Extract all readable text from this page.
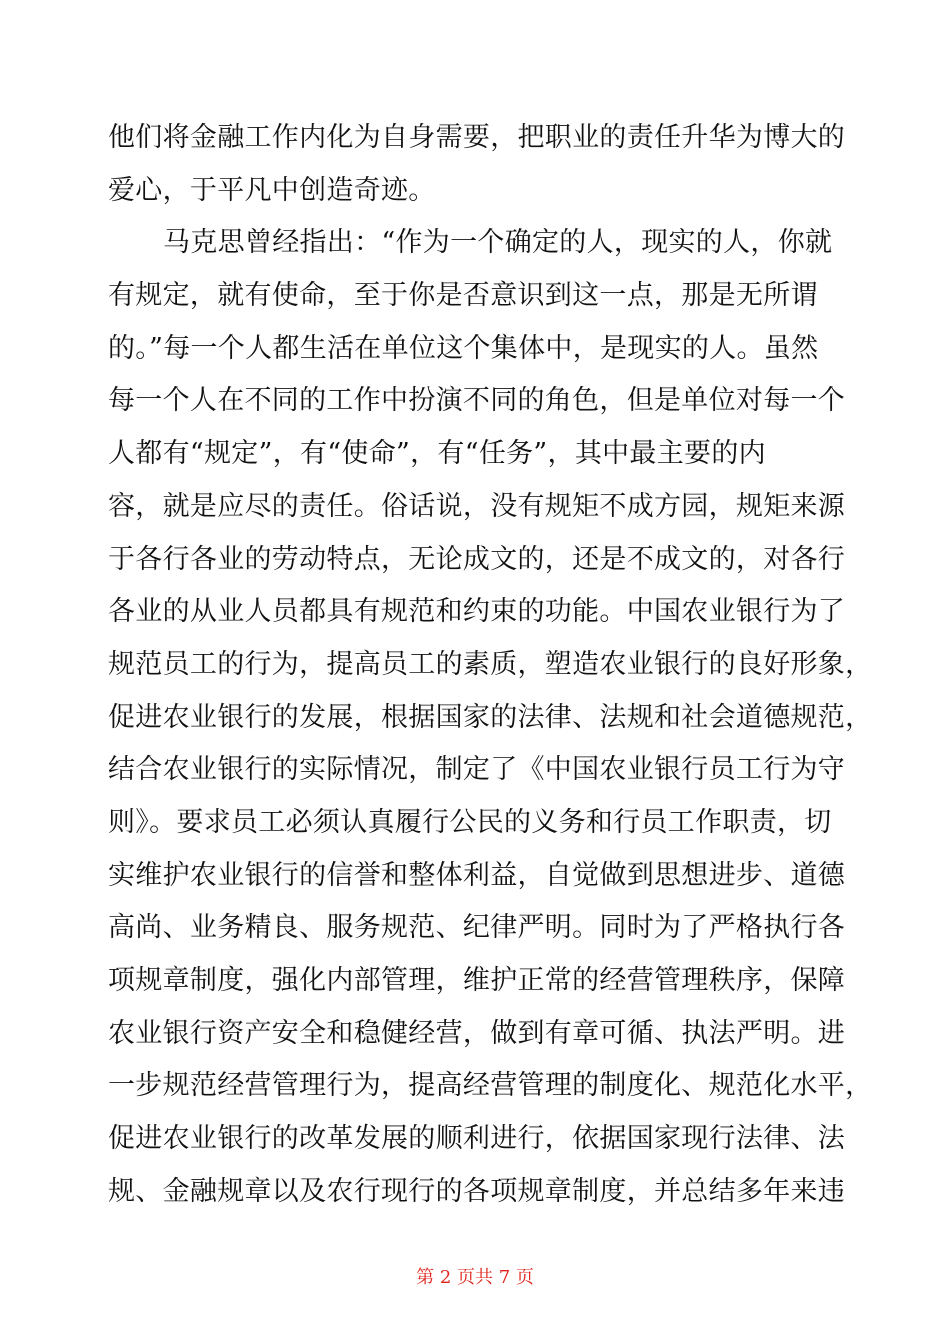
他们将金融工作内化为自身需要，把职业的责任升华为博大的
爱心，于平凡中创造奇迹。
马克思曾经指出：“作为一个确定的人，现实的人，你就
有规定，就有使命，至于你是否意识到这一点，那是无所谓
的。”每一个人都生活在单位这个集体中，是现实的人。虽然
每一个人在不同的工作中扮演不同的角色，但是单位对每一个
人都有“规定”，有“使命”，有“任务”，其中最主要的内
容，就是应尽的责任。俗话说，没有规矩不成方园，规矩来源
于各行各业的劳动特点，无论成文的，还是不成文的，对各行
各业的从业人员都具有规范和约束的功能。中国农业银行为了
规范员工的行为，提高员工的素质，塑造农业银行的良好形象，
促进农业银行的发展，根据国家的法律、法规和社会道德规范，
结合农业银行的实际情况，制定了《中国农业银行员工行为守
则》。要求员工必须认真履行公民的义务和行员工作职责，切
实维护农业银行的信誉和整体利益，自觉做到思想进步、道德
高尚、业务精良、服务规范、纪律严明。同时为了严格执行各
项规章制度，强化内部管理，维护正常的经营管理秩序，保障
农业银行资产安全和稳健经营，做到有章可循、执法严明。进
一步规范经营管理行为，提高经营管理的制度化、规范化水平，
促进农业银行的改革发展的顺利进行，依据国家现行法律、法
规、金融规章以及农行现行的各项规章制度，并总结多年来违
第 2 页共 7 页
